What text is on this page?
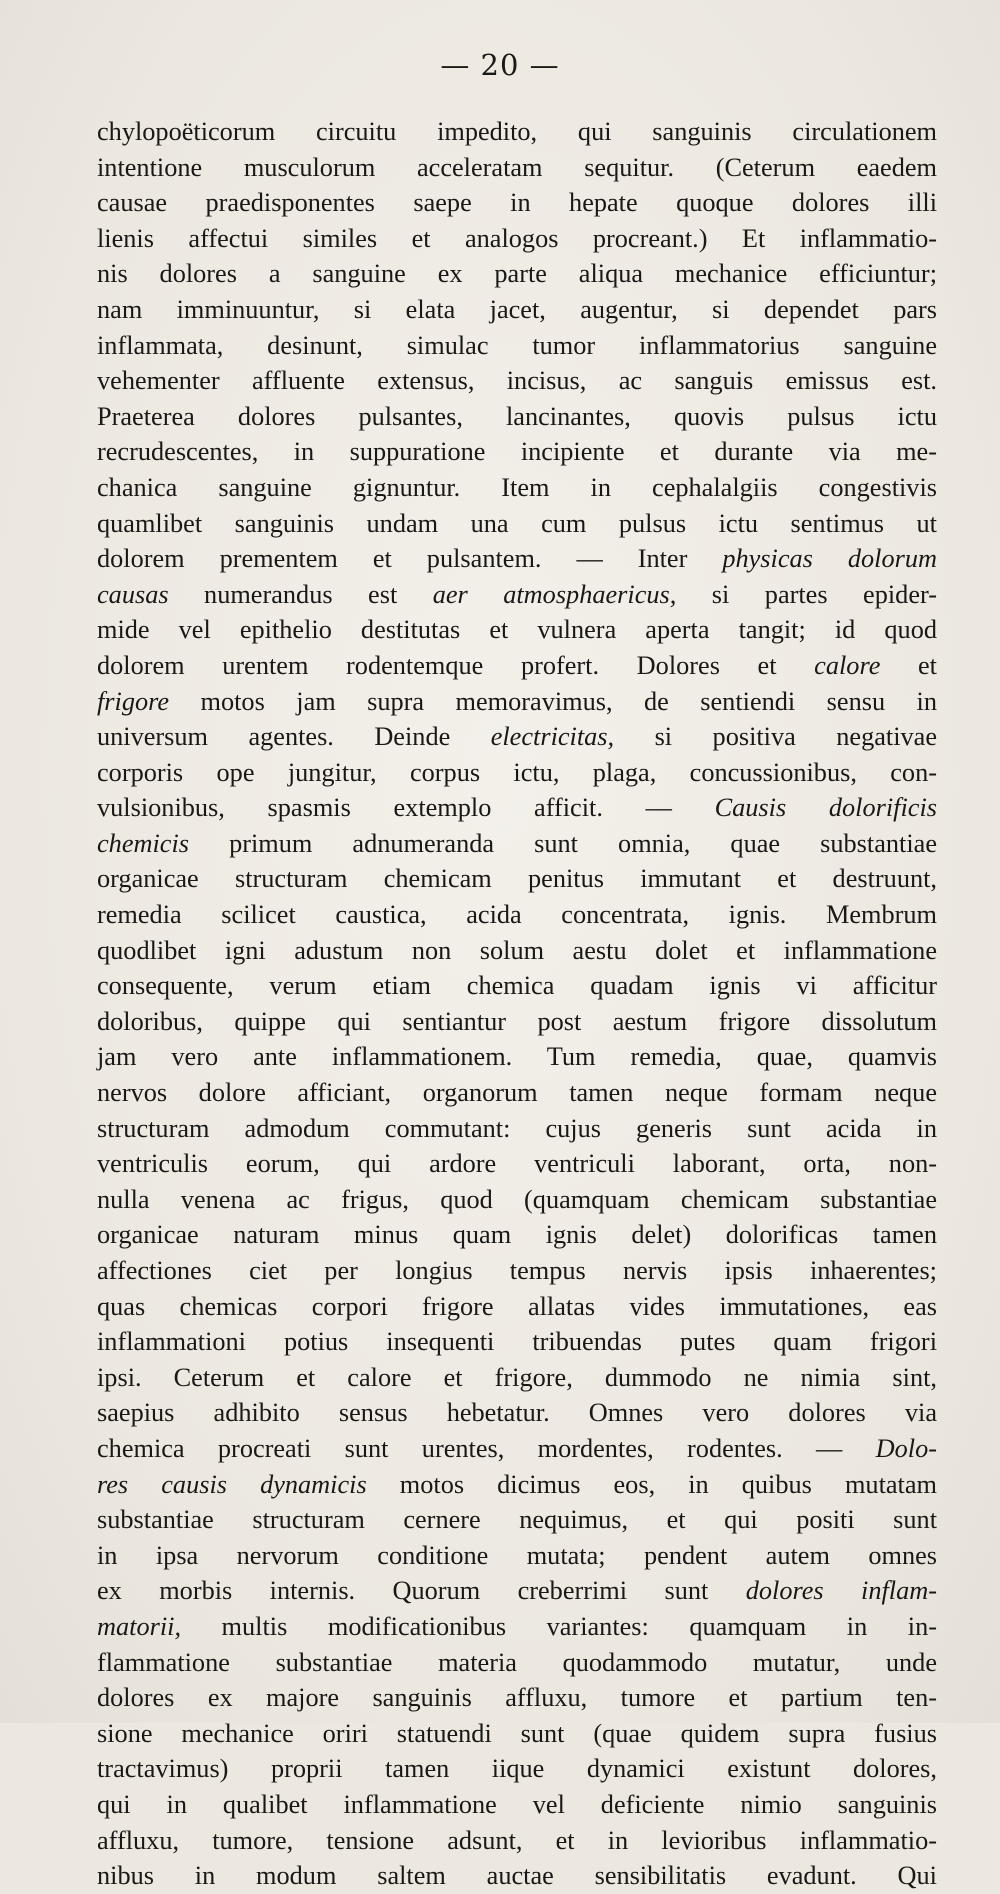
— 20 —
chylopoëticorum circuitu impedito, qui sanguinis circulationem
intentione musculorum acceleratam sequitur. (Ceterum eaedem
causae praedisponentes saepe in hepate quoque dolores illi
lienis affectui similes et analogos procreant.) Et inflammatio-
nis dolores a sanguine ex parte aliqua mechanice efficiuntur;
nam imminuuntur, si elata jacet, augentur, si dependet pars
inflammata, desinunt, simulac tumor inflammatorius sanguine
vehementer affluente extensus, incisus, ac sanguis emissus est.
Praeterea dolores pulsantes, lancinantes, quovis pulsus ictu
recrudescentes, in suppuratione incipiente et durante via me-
chanica sanguine gignuntur. Item in cephalalgiis congestivis
quamlibet sanguinis undam una cum pulsus ictu sentimus ut
dolorem prementem et pulsantem. — Inter physicas dolorum
causas numerandus est aer atmosphaericus, si partes epider-
mide vel epithelio destitutas et vulnera aperta tangit; id quod
dolorem urentem rodentemque profert. Dolores et calore et
frigore motos jam supra memoravimus, de sentiendi sensu in
universum agentes. Deinde electricitas, si positiva negativae
corporis ope jungitur, corpus ictu, plaga, concussionibus, con-
vulsionibus, spasmis extemplo afficit. — Causis dolorificis
chemicis primum adnumeranda sunt omnia, quae substantiae
organicae structuram chemicam penitus immutant et destruunt,
remedia scilicet caustica, acida concentrata, ignis. Membrum
quodlibet igni adustum non solum aestu dolet et inflammatione
consequente, verum etiam chemica quadam ignis vi afficitur
doloribus, quippe qui sentiantur post aestum frigore dissolutum
jam vero ante inflammationem. Tum remedia, quae, quamvis
nervos dolore afficiant, organorum tamen neque formam neque
structuram admodum commutant: cujus generis sunt acida in
ventriculis eorum, qui ardore ventriculi laborant, orta, non-
nulla venena ac frigus, quod (quamquam chemicam substantiae
organicae naturam minus quam ignis delet) dolorificas tamen
affectiones ciet per longius tempus nervis ipsis inhaerentes;
quas chemicas corpori frigore allatas vides immutationes, eas
inflammationi potius insequenti tribuendas putes quam frigori
ipsi. Ceterum et calore et frigore, dummodo ne nimia sint,
saepius adhibito sensus hebetatur. Omnes vero dolores via
chemica procreati sunt urentes, mordentes, rodentes. — Dolo-
res causis dynamicis motos dicimus eos, in quibus mutatam
substantiae structuram cernere nequimus, et qui positi sunt
in ipsa nervorum conditione mutata; pendent autem omnes
ex morbis internis. Quorum creberrimi sunt dolores inflam-
matorii, multis modificationibus variantes: quamquam in in-
flammatione substantiae materia quodammodo mutatur, unde
dolores ex majore sanguinis affluxu, tumore et partium ten-
sione mechanice oriri statuendi sunt (quae quidem supra fusius
tractavimus) proprii tamen iique dynamici existunt dolores,
qui in qualibet inflammatione vel deficiente nimio sanguinis
affluxu, tumore, tensione adsunt, et in levioribus inflammatio-
nibus in modum saltem auctae sensibilitatis evadunt. Qui
